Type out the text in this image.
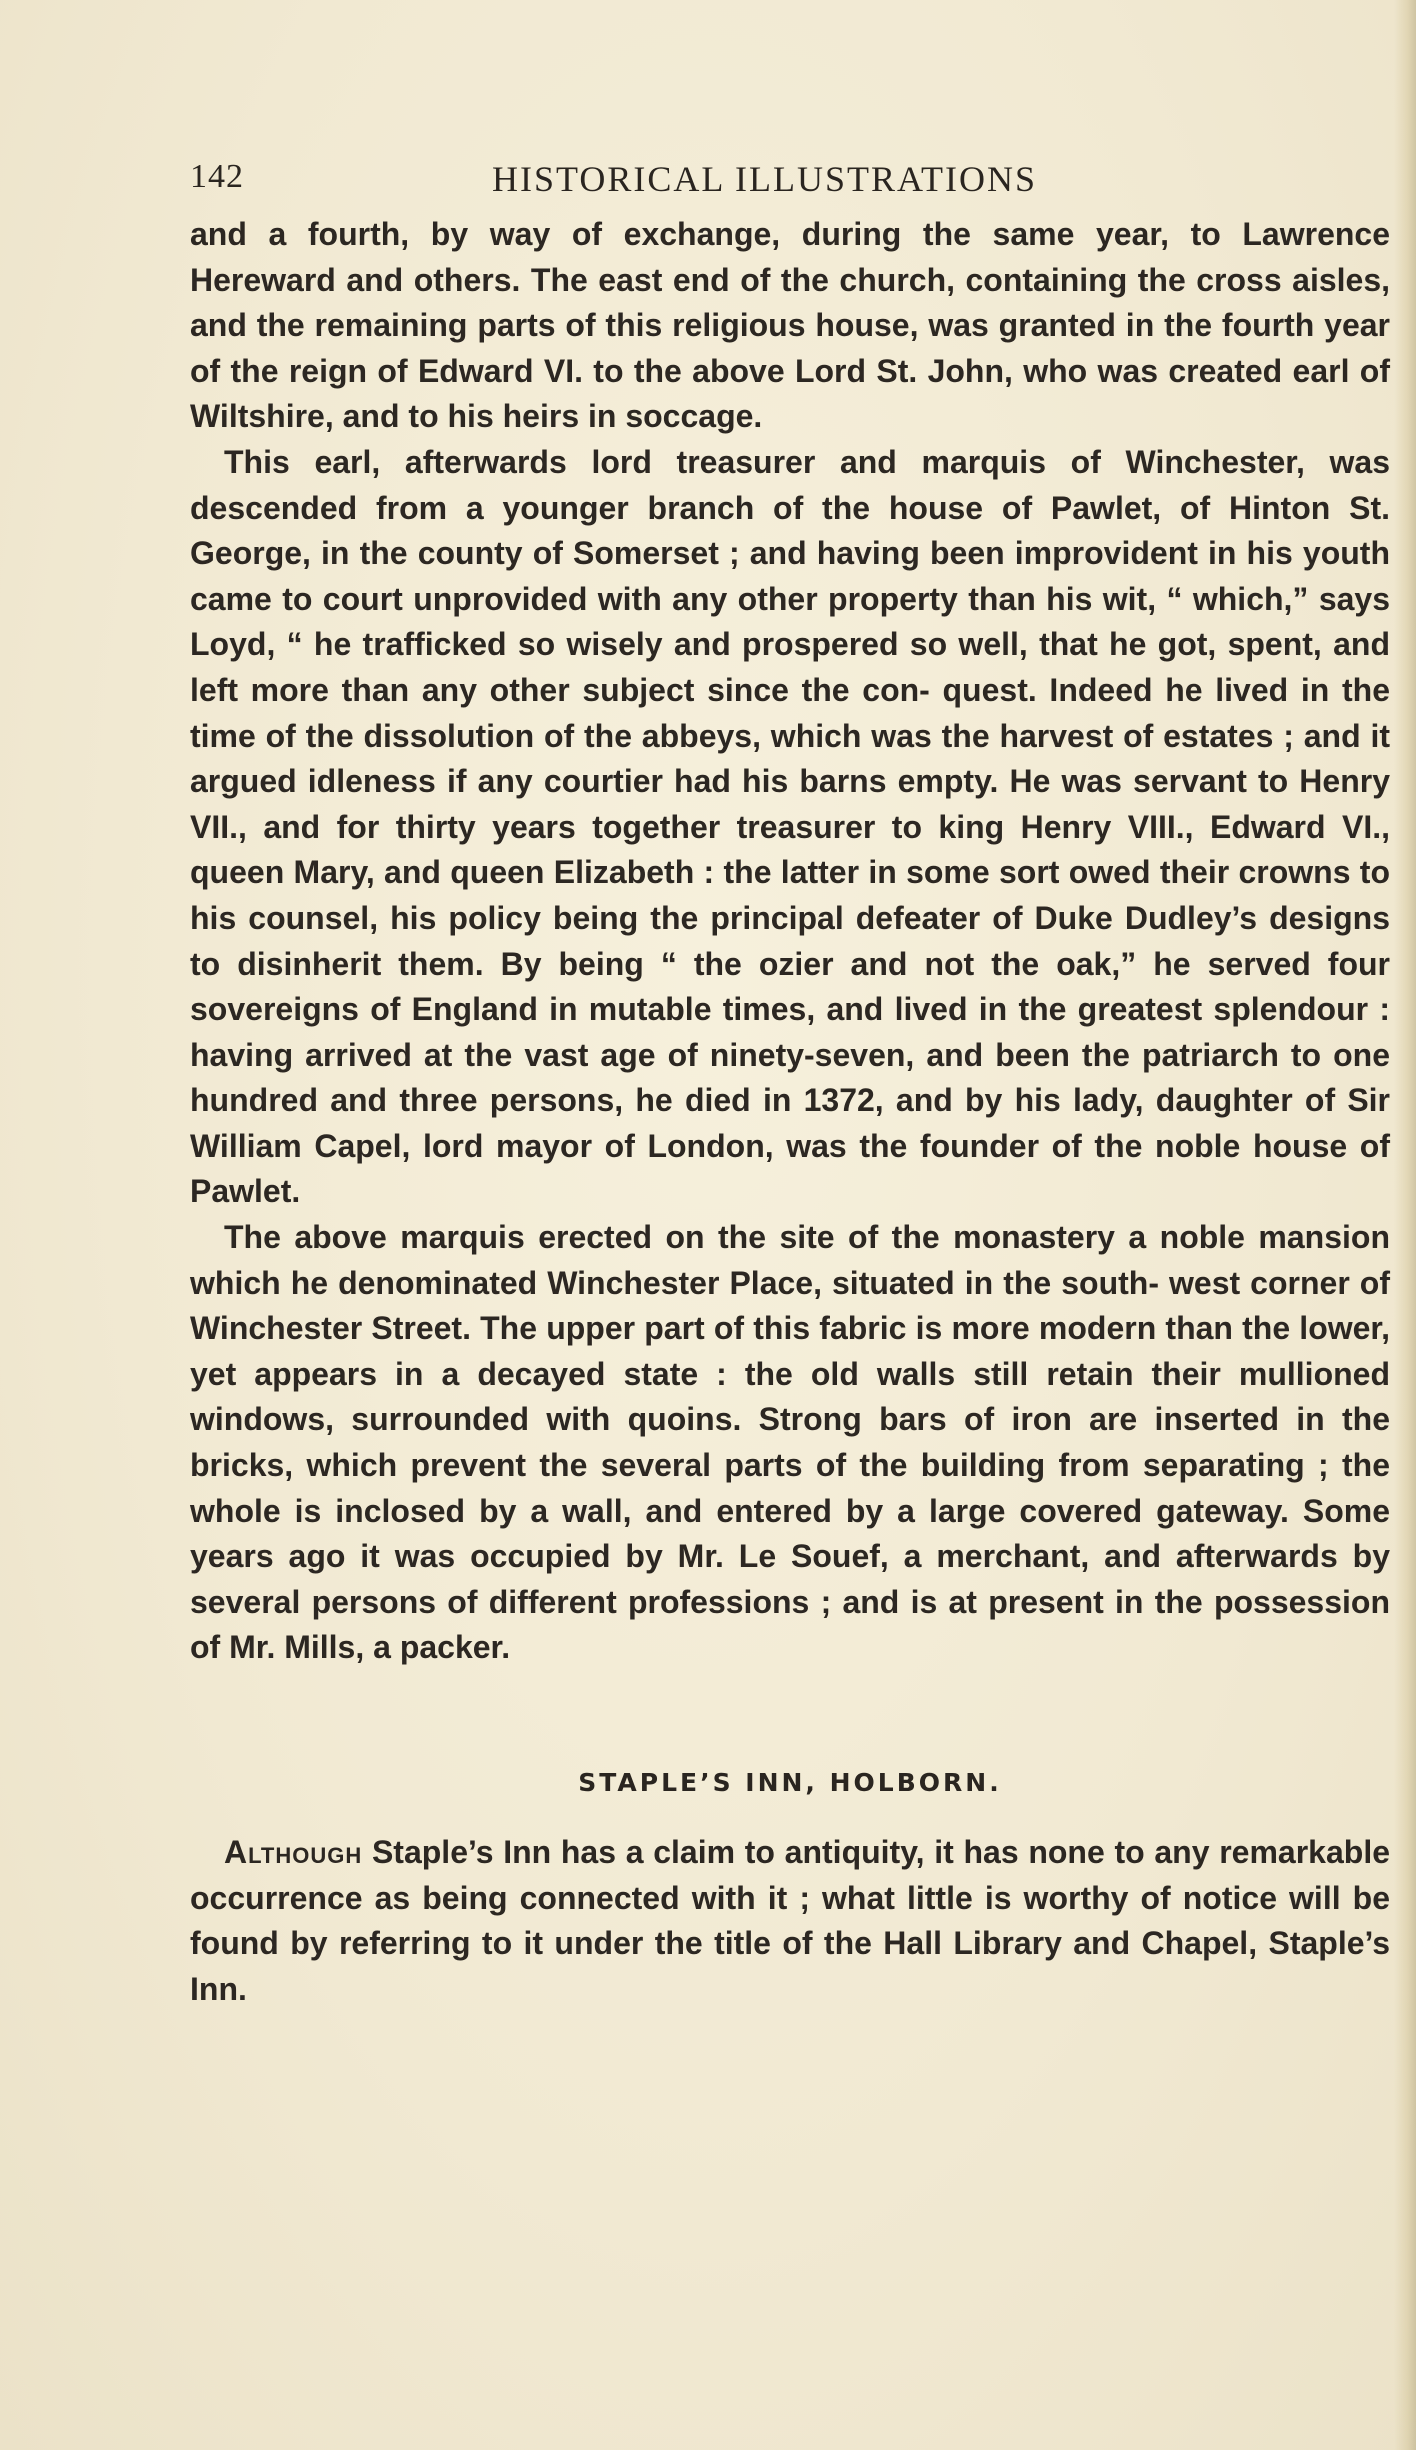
142	HISTORICAL ILLUSTRATIONS

and a fourth, by way of exchange, during the same year, to Lawrence Hereward and others. The east end of the church, containing the cross aisles, and the remaining parts of this religious house, was granted in the fourth year of the reign of Edward VI. to the above Lord St. John, who was created earl of Wiltshire, and to his heirs in soccage.

This earl, afterwards lord treasurer and marquis of Winchester, was descended from a younger branch of the house of Pawlet, of Hinton St. George, in the county of Somerset ; and having been improvident in his youth came to court unprovided with any other property than his wit, “ which,” says Loyd, “ he trafficked so wisely and prospered so well, that he got, spent, and left more than any other subject since the con- quest. Indeed he lived in the time of the dissolution of the abbeys, which was the harvest of estates ; and it argued idleness if any courtier had his barns empty. He was servant to Henry VII., and for thirty years together treasurer to king Henry VIII., Edward VI., queen Mary, and queen Elizabeth : the latter in some sort owed their crowns to his counsel, his policy being the principal defeater of Duke Dudley’s designs to disinherit them. By being “ the ozier and not the oak,” he served four sovereigns of England in mutable times, and lived in the greatest splendour : having arrived at the vast age of ninety-seven, and been the patriarch to one hundred and three persons, he died in 1372, and by his lady, daughter of Sir William Capel, lord mayor of London, was the founder of the noble house of Pawlet.

The above marquis erected on the site of the monastery a noble mansion which he denominated Winchester Place, situated in the south- west corner of Winchester Street. The upper part of this fabric is more modern than the lower, yet appears in a decayed state : the old walls still retain their mullioned windows, surrounded with quoins. Strong bars of iron are inserted in the bricks, which prevent the several parts of the building from separating ; the whole is inclosed by a wall, and entered by a large covered gateway. Some years ago it was occupied by Mr. Le Souef, a merchant, and afterwards by several persons of different professions ; and is at present in the possession of Mr. Mills, a packer.

STAPLE’S INN, HOLBORN.

Although Staple’s Inn has a claim to antiquity, it has none to any remarkable occurrence as being connected with it ; what little is worthy of notice will be found by referring to it under the title of the Hall Library and Chapel, Staple’s Inn.
